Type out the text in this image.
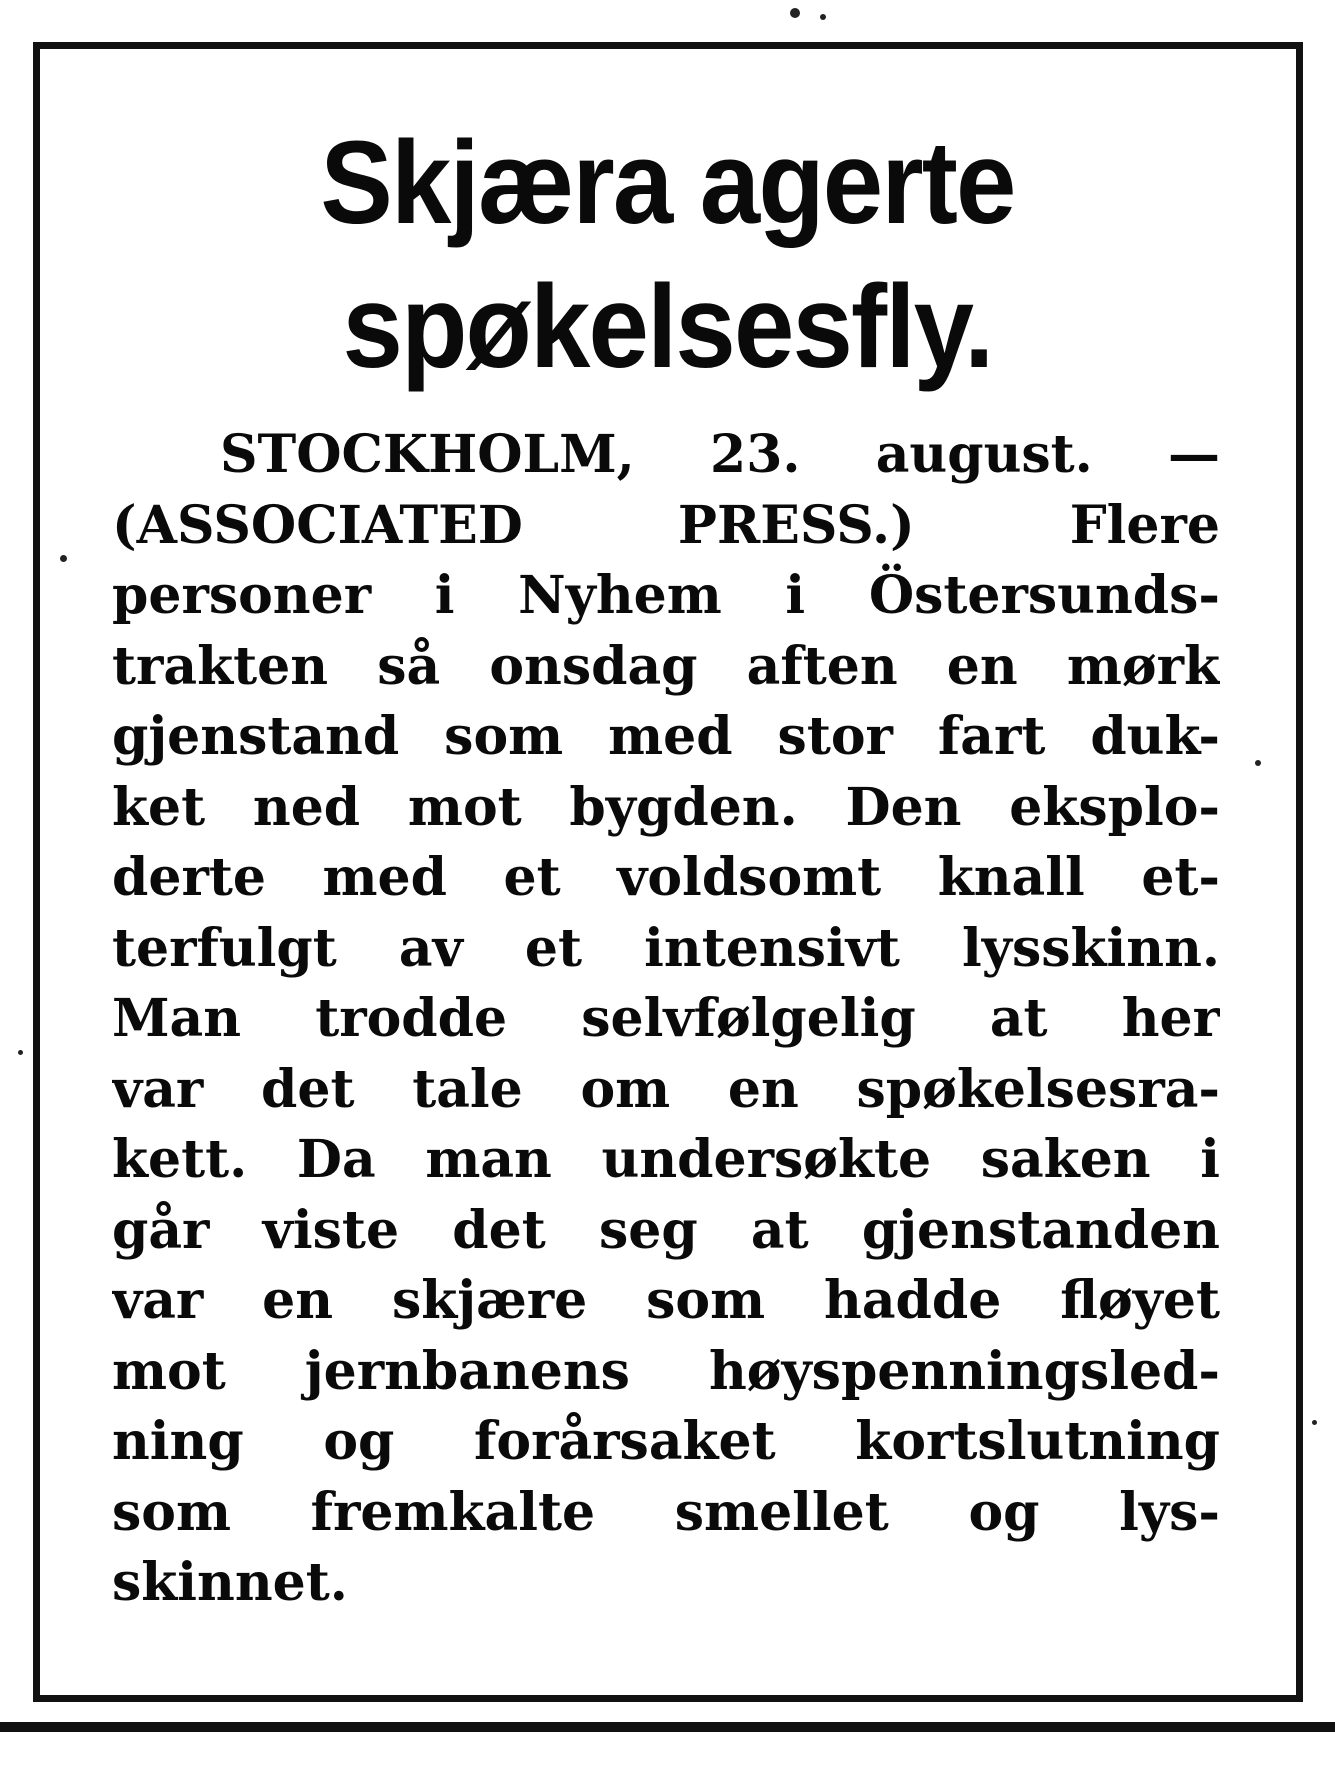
Skjæra agerte
spøkelsesfly.
STOCKHOLM, 23. august. —
(ASSOCIATED PRESS.) Flere
personer i Nyhem i Östersunds-
trakten så onsdag aften en mørk
gjenstand som med stor fart duk-
ket ned mot bygden. Den eksplo-
derte med et voldsomt knall et-
terfulgt av et intensivt lysskinn.
Man trodde selvfølgelig at her
var det tale om en spøkelsesra-
kett. Da man undersøkte saken i
går viste det seg at gjenstanden
var en skjære som hadde fløyet
mot jernbanens høyspenningsled-
ning og forårsaket kortslutning
som fremkalte smellet og lys-
skinnet.
